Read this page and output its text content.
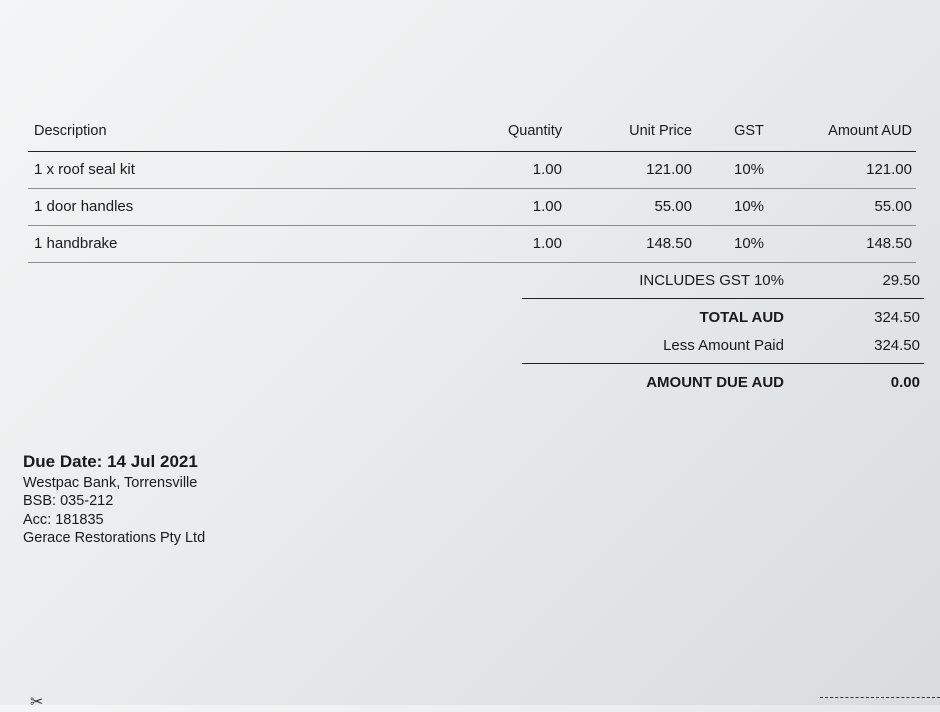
Description	Quantity	Unit Price	GST	Amount AUD
1 x roof seal kit	1.00	121.00	10%	121.00
1 door handles	1.00	55.00	10%	55.00
1 handbrake	1.00	148.50	10%	148.50
INCLUDES GST 10%	29.50
TOTAL AUD	324.50
Less Amount Paid	324.50
AMOUNT DUE AUD	0.00
Due Date: 14 Jul 2021
Westpac Bank, Torrensville
BSB: 035-212
Acc: 181835
Gerace Restorations Pty Ltd
✂
